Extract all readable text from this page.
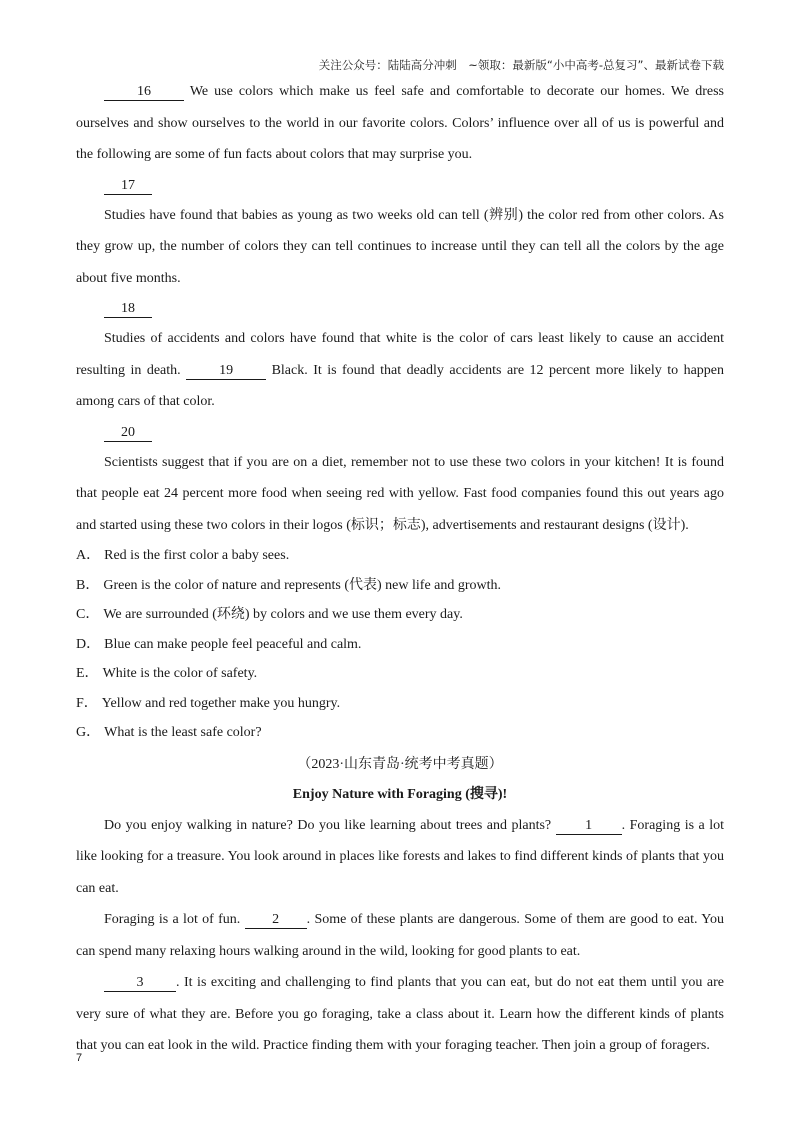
关注公众号：陆陆高分冲刺　~领取：最新版“小中高考-总复习”、最新试卷下载

16	We use colors which make us feel safe and comfortable to decorate our homes. We dress ourselves and show ourselves to the world in our favorite colors. Colors’ influence over all of us is powerful and the following are some of fun facts about colors that may surprise you.

17

Studies have found that babies as young as two weeks old can tell (辨别) the color red from other colors. As they grow up, the number of colors they can tell continues to increase until they can tell all the colors by the age about five months.

18

Studies of accidents and colors have found that white is the color of cars least likely to cause an accident resulting in death.	19	Black. It is found that deadly accidents are 12 percent more likely to happen among cars of that color.

20

Scientists suggest that if you are on a diet, remember not to use these two colors in your kitchen! It is found that people eat 24 percent more food when seeing red with yellow. Fast food companies found this out years ago and started using these two colors in their logos (标识；标志), advertisements and restaurant designs (设计).

A． Red is the first color a baby sees.

B． Green is the color of nature and represents (代表) new life and growth.

C． We are surrounded (环绕) by colors and we use them every day.

D． Blue can make people feel peaceful and calm.

E． White is the color of safety.

F． Yellow and red together make you hungry.

G． What is the least safe color?

（2023·山东青岛·统考中考真题）
Enjoy Nature with Foraging (搜寻)!

Do you enjoy walking in nature? Do you like learning about trees and plants? 1 . Foraging is a lot like looking for a treasure. You look around in places like forests and lakes to find different kinds of plants that you can eat.

Foraging is a lot of fun. 2 . Some of these plants are dangerous. Some of them are good to eat. You can spend many relaxing hours walking around in the wild, looking for good plants to eat.

3 . It is exciting and challenging to find plants that you can eat, but do not eat them until you are very sure of what they are. Before you go foraging, take a class about it. Learn how the different kinds of plants that you can eat look in the wild. Practice finding them with your foraging teacher. Then join a group of foragers.

7
